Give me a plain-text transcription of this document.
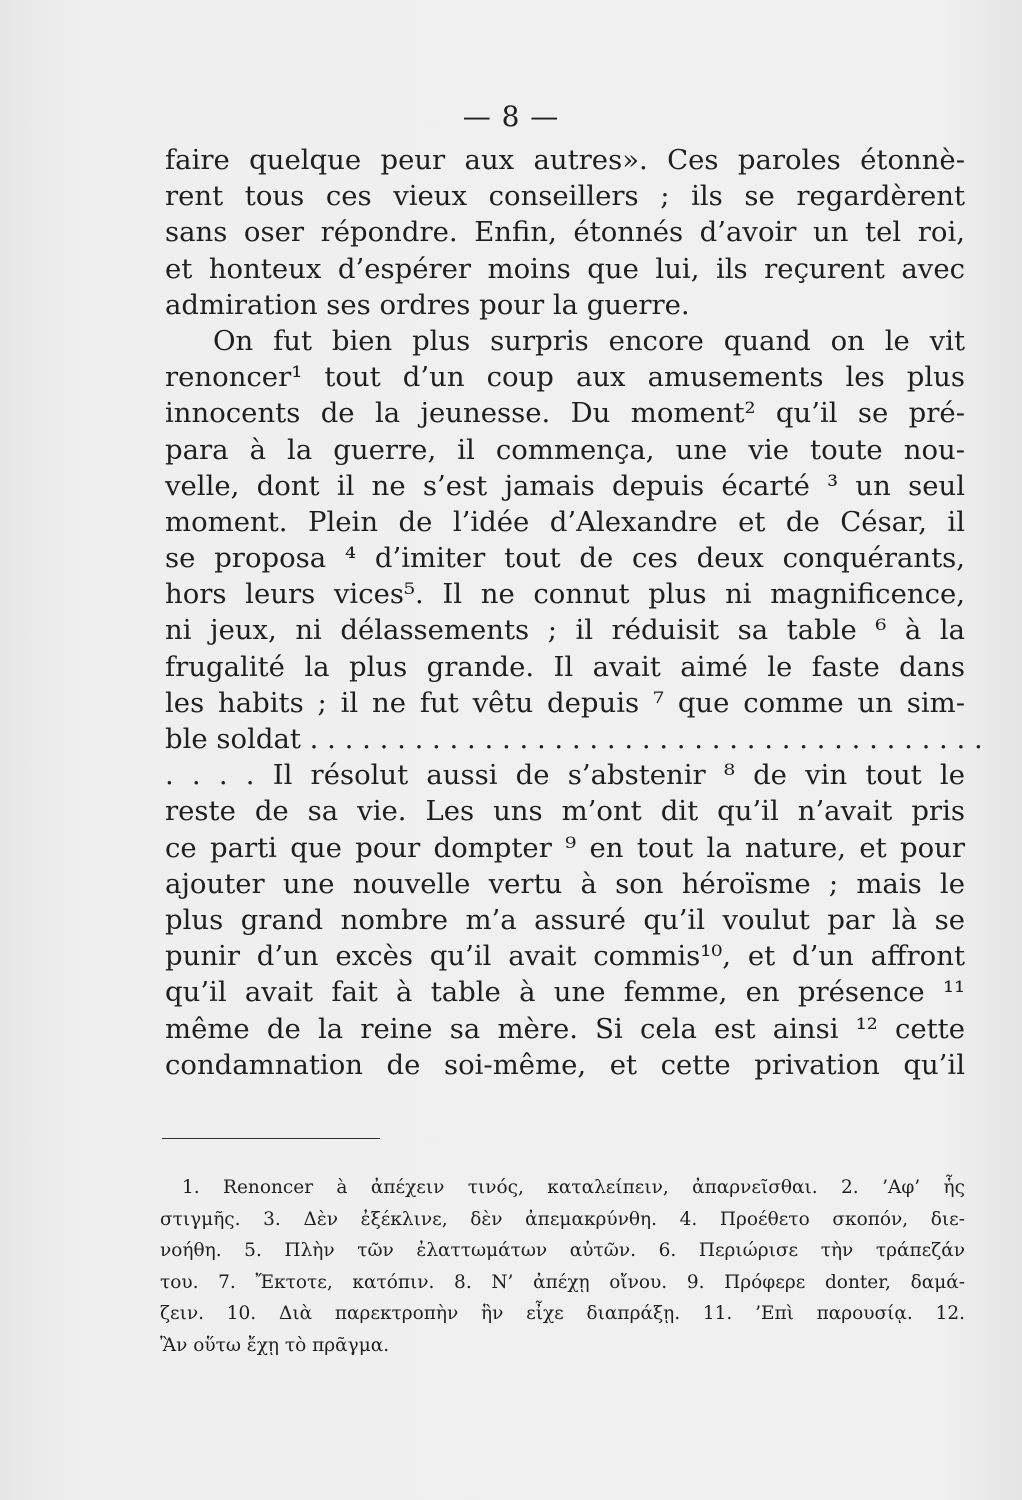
— 8 —
faire quelque peur aux autres». Ces paroles étonnè-
rent tous ces vieux conseillers ; ils se regardèrent
sans oser répondre. Enfin, étonnés d’avoir un tel roi,
et honteux d’espérer moins que lui, ils reçurent avec
admiration ses ordres pour la guerre.
On fut bien plus surpris encore quand on le vit
renoncer¹ tout d’un coup aux amusements les plus
innocents de la jeunesse. Du moment² qu’il se pré-
para à la guerre, il commença, une vie toute nou-
velle, dont il ne s’est jamais depuis écarté ³ un seul
moment. Plein de l’idée d’Alexandre et de César, il
se proposa ⁴ d’imiter tout de ces deux conquérants,
hors leurs vices⁵. Il ne connut plus ni magnificence,
ni jeux, ni délassements ; il réduisit sa table ⁶ à la
frugalité la plus grande. Il avait aimé le faste dans
les habits ; il ne fut vêtu depuis ⁷ que comme un sim-
ble soldat . . . . . . . . . . . . . . . . . . . . . . . . . . . . . . . . . . . . . . .
. . . . Il résolut aussi de s’abstenir ⁸ de vin tout le
reste de sa vie. Les uns m’ont dit qu’il n’avait pris
ce parti que pour dompter ⁹ en tout la nature, et pour
ajouter une nouvelle vertu à son héroïsme ; mais le
plus grand nombre m’a assuré qu’il voulut par là se
punir d’un excès qu’il avait commis¹⁰, et d’un affront
qu’il avait fait à table à une femme, en présence ¹¹
même de la reine sa mère. Si cela est ainsi ¹² cette
condamnation de soi-même, et cette privation qu’il
1. Renoncer à ἀπέχειν τινός, καταλείπειν, ἀπαρνεῖσθαι. 2. ’Αφ’ ἧς
στιγμῆς. 3. Δὲν ἐξέκλινε, δὲν ἀπεμακρύνθη. 4. Προέθετο σκοπόν, διε-
νοήθη. 5. Πλὴν τῶν ἐλαττωμάτων αὐτῶν. 6. Περιώρισε τὴν τράπεζάν
του. 7. Ἔκτοτε, κατόπιν. 8. Ν’ ἀπέχῃ οἴνου. 9. Πρόφερε donter, δαμά-
ζειν. 10. Διὰ παρεκτροπὴν ἣν εἶχε διαπράξῃ. 11. ’Επὶ παρουσίᾳ. 12.
Ἂν οὕτω ἔχῃ τὸ πρᾶγμα.
